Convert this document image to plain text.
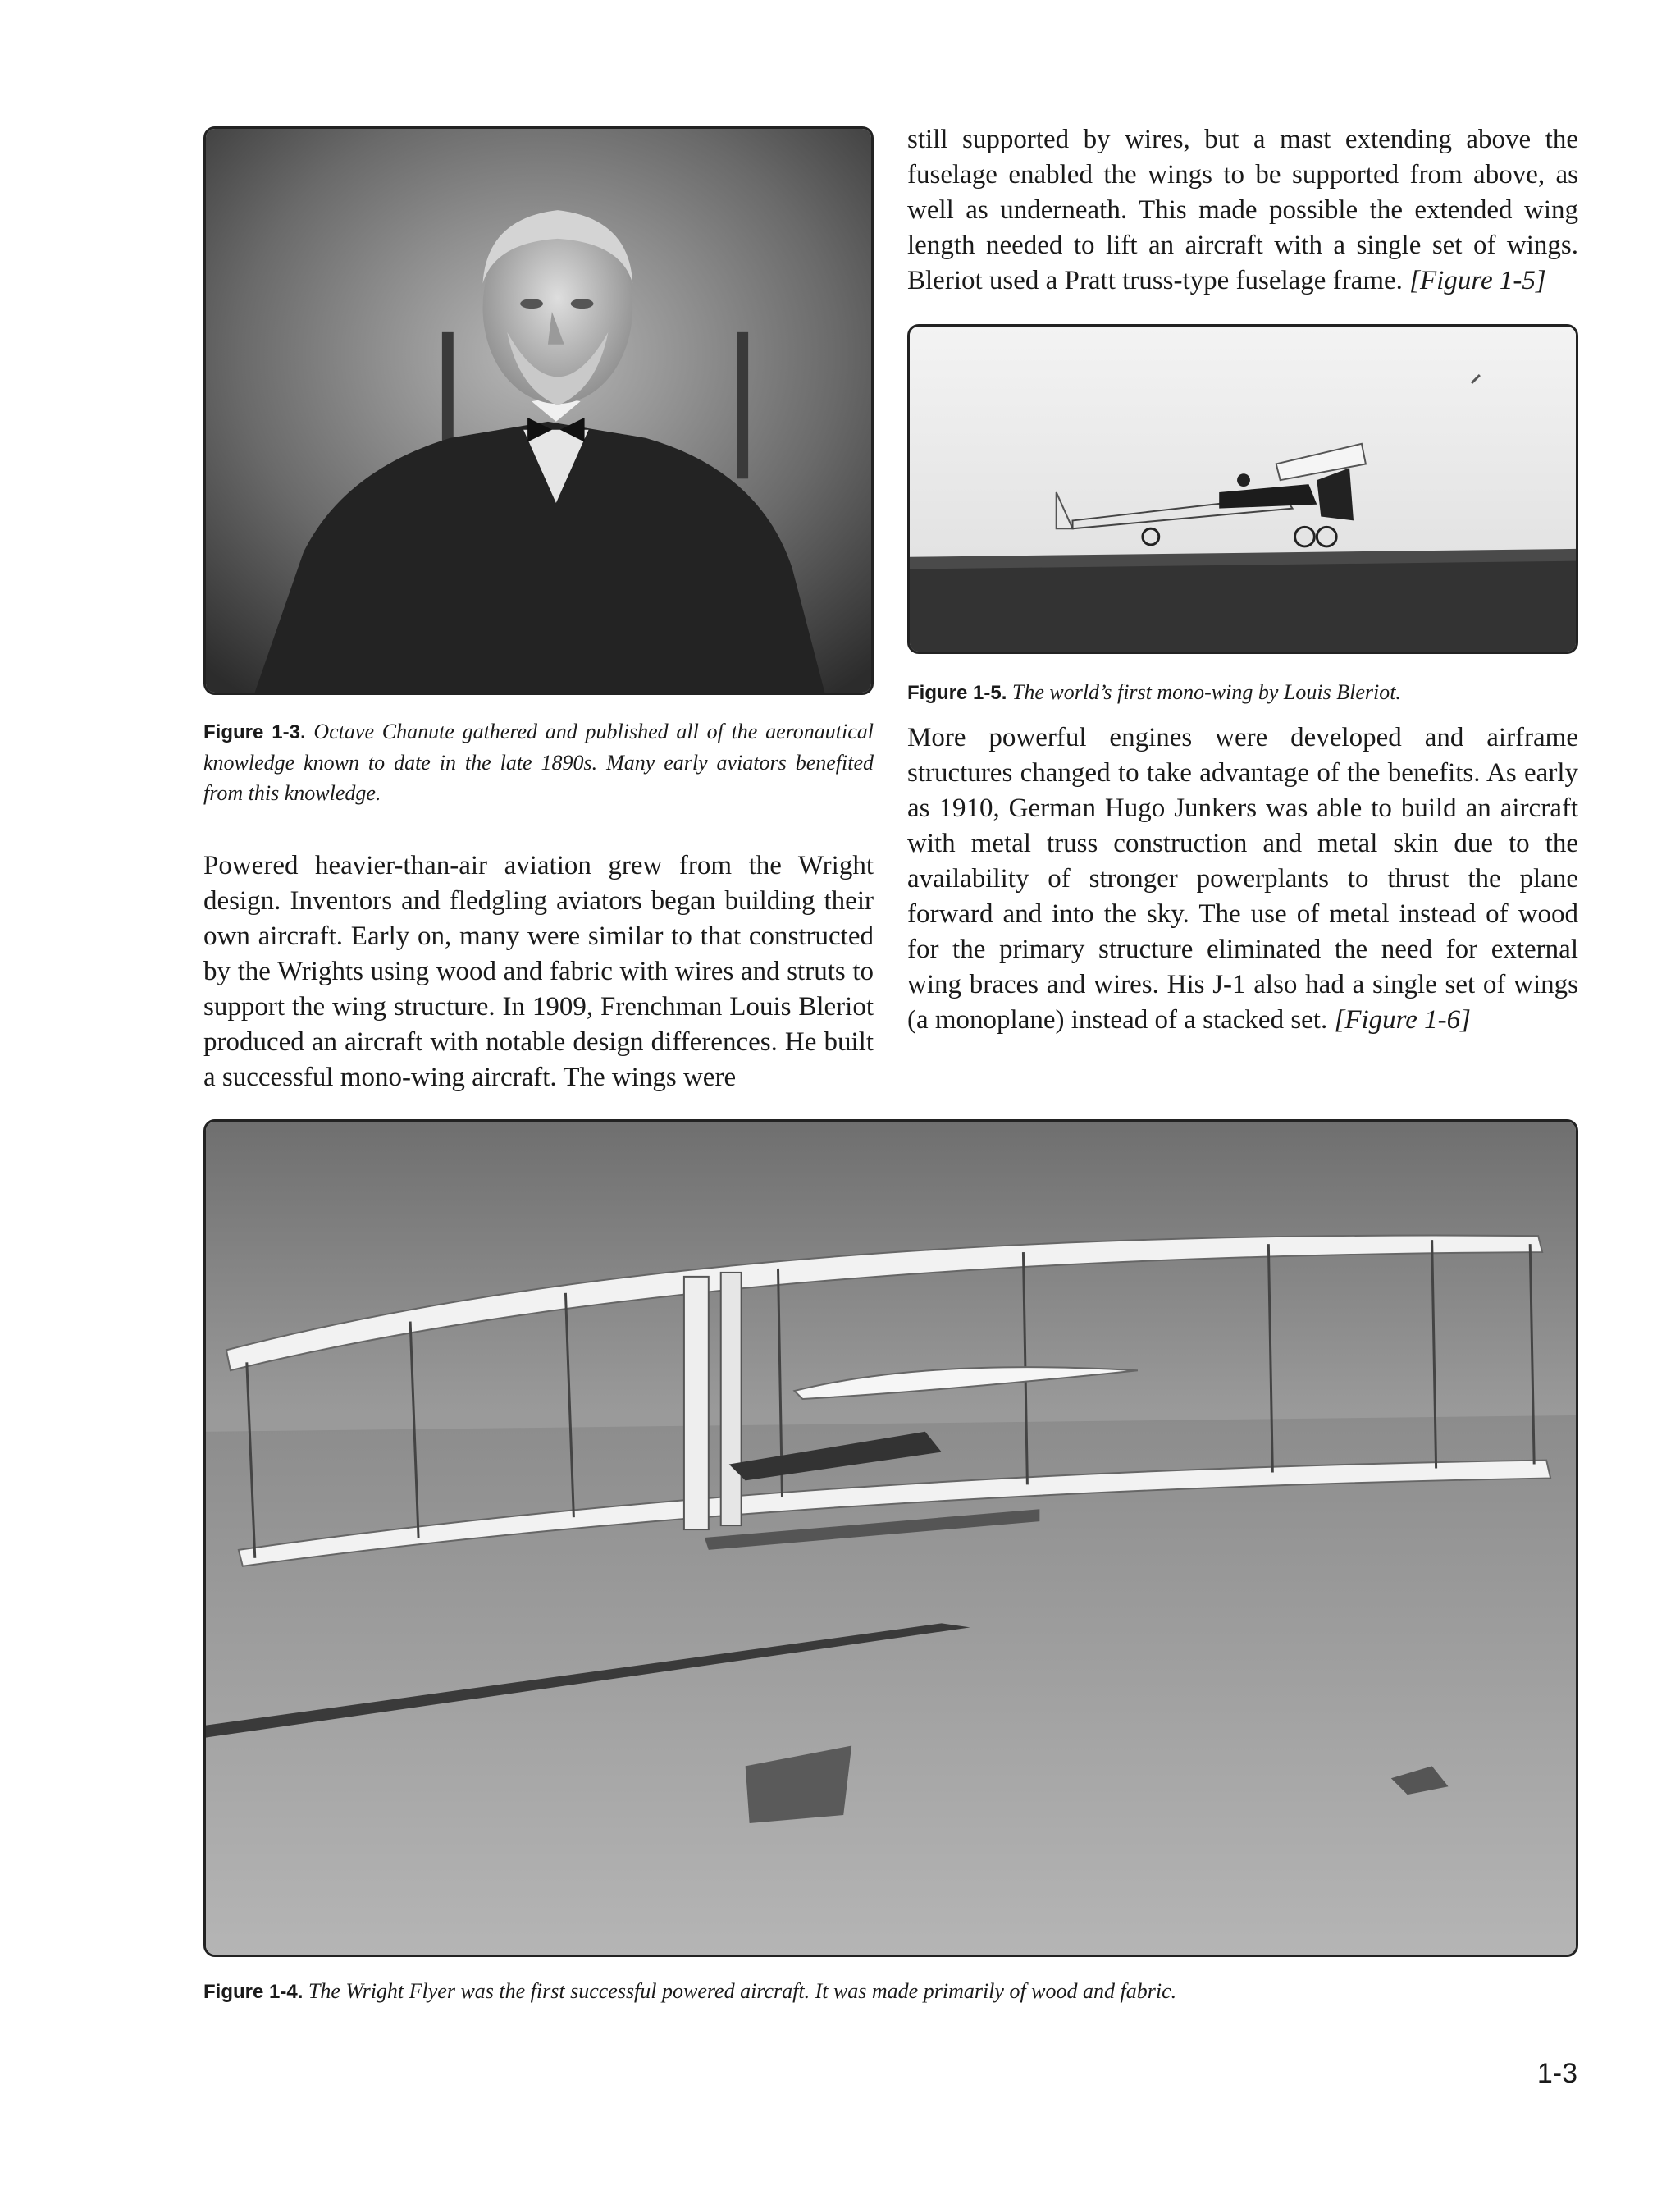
Figure 1-3. Octave Chanute gathered and published all of the aeronautical knowledge known to date in the late 1890s. Many early aviators benefited from this knowledge.

Powered heavier-than-air aviation grew from the Wright design. Inventors and fledgling aviators began building their own aircraft. Early on, many were similar to that constructed by the Wrights using wood and fabric with wires and struts to support the wing structure. In 1909, Frenchman Louis Bleriot produced an aircraft with notable design differences. He built a successful mono-wing aircraft. The wings were

still supported by wires, but a mast extending above the fuselage enabled the wings to be supported from above, as well as underneath. This made possible the extended wing length needed to lift an aircraft with a single set of wings. Bleriot used a Pratt truss-type fuselage frame. [Figure 1-5]

Figure 1-5. The world’s first mono-wing by Louis Bleriot.

More powerful engines were developed and airframe structures changed to take advantage of the benefits. As early as 1910, German Hugo Junkers was able to build an aircraft with metal truss construction and metal skin due to the availability of stronger powerplants to thrust the plane forward and into the sky. The use of metal instead of wood for the primary structure eliminated the need for external wing braces and wires. His J-1 also had a single set of wings (a monoplane) instead of a stacked set. [Figure 1-6]

Figure 1-4. The Wright Flyer was the first successful powered aircraft. It was made primarily of wood and fabric.

1-3
